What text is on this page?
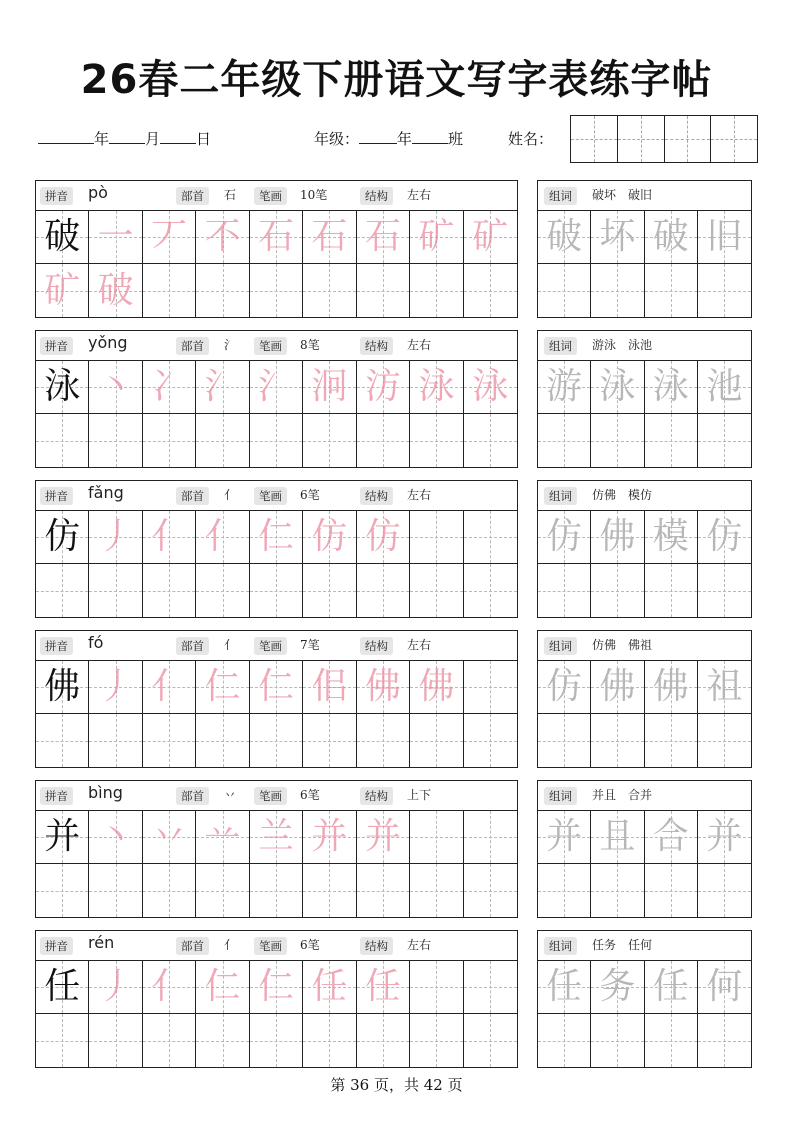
26春二年级下册语文写字表练字帖
年 月 日	年级：	年 班	姓名：
拼音	pò	部首	石	笔画	10笔	结构	左右
破 一 丆 不 石 石 石 矿 矿
矿 破
组词	破坏　破旧
破 坏 破 旧
拼音	yǒng	部首	氵	笔画	8笔	结构	左右
泳 丶 冫 氵 氵 泂 汸 泳 泳
组词	游泳　泳池
游 泳 泳 池
拼音	fǎng	部首	亻	笔画	6笔	结构	左右
仿 丿 亻 亻 仁 仿 仿
组词	仿佛　模仿
仿 佛 模 仿
拼音	fó	部首	亻	笔画	7笔	结构	左右
佛 丿 亻 仁 仁 佀 佛 佛
组词	仿佛　佛祖
仿 佛 佛 祖
拼音	bìng	部首	丷	笔画	6笔	结构	上下
并 丶 丷 䒑 兰 并 并
组词	并且　合并
并 且 合 并
拼音	rén	部首	亻	笔画	6笔	结构	左右
任 丿 亻 仁 仁 任 任
组词	任务　任何
任 务 任 何
第 36 页，共 42 页
